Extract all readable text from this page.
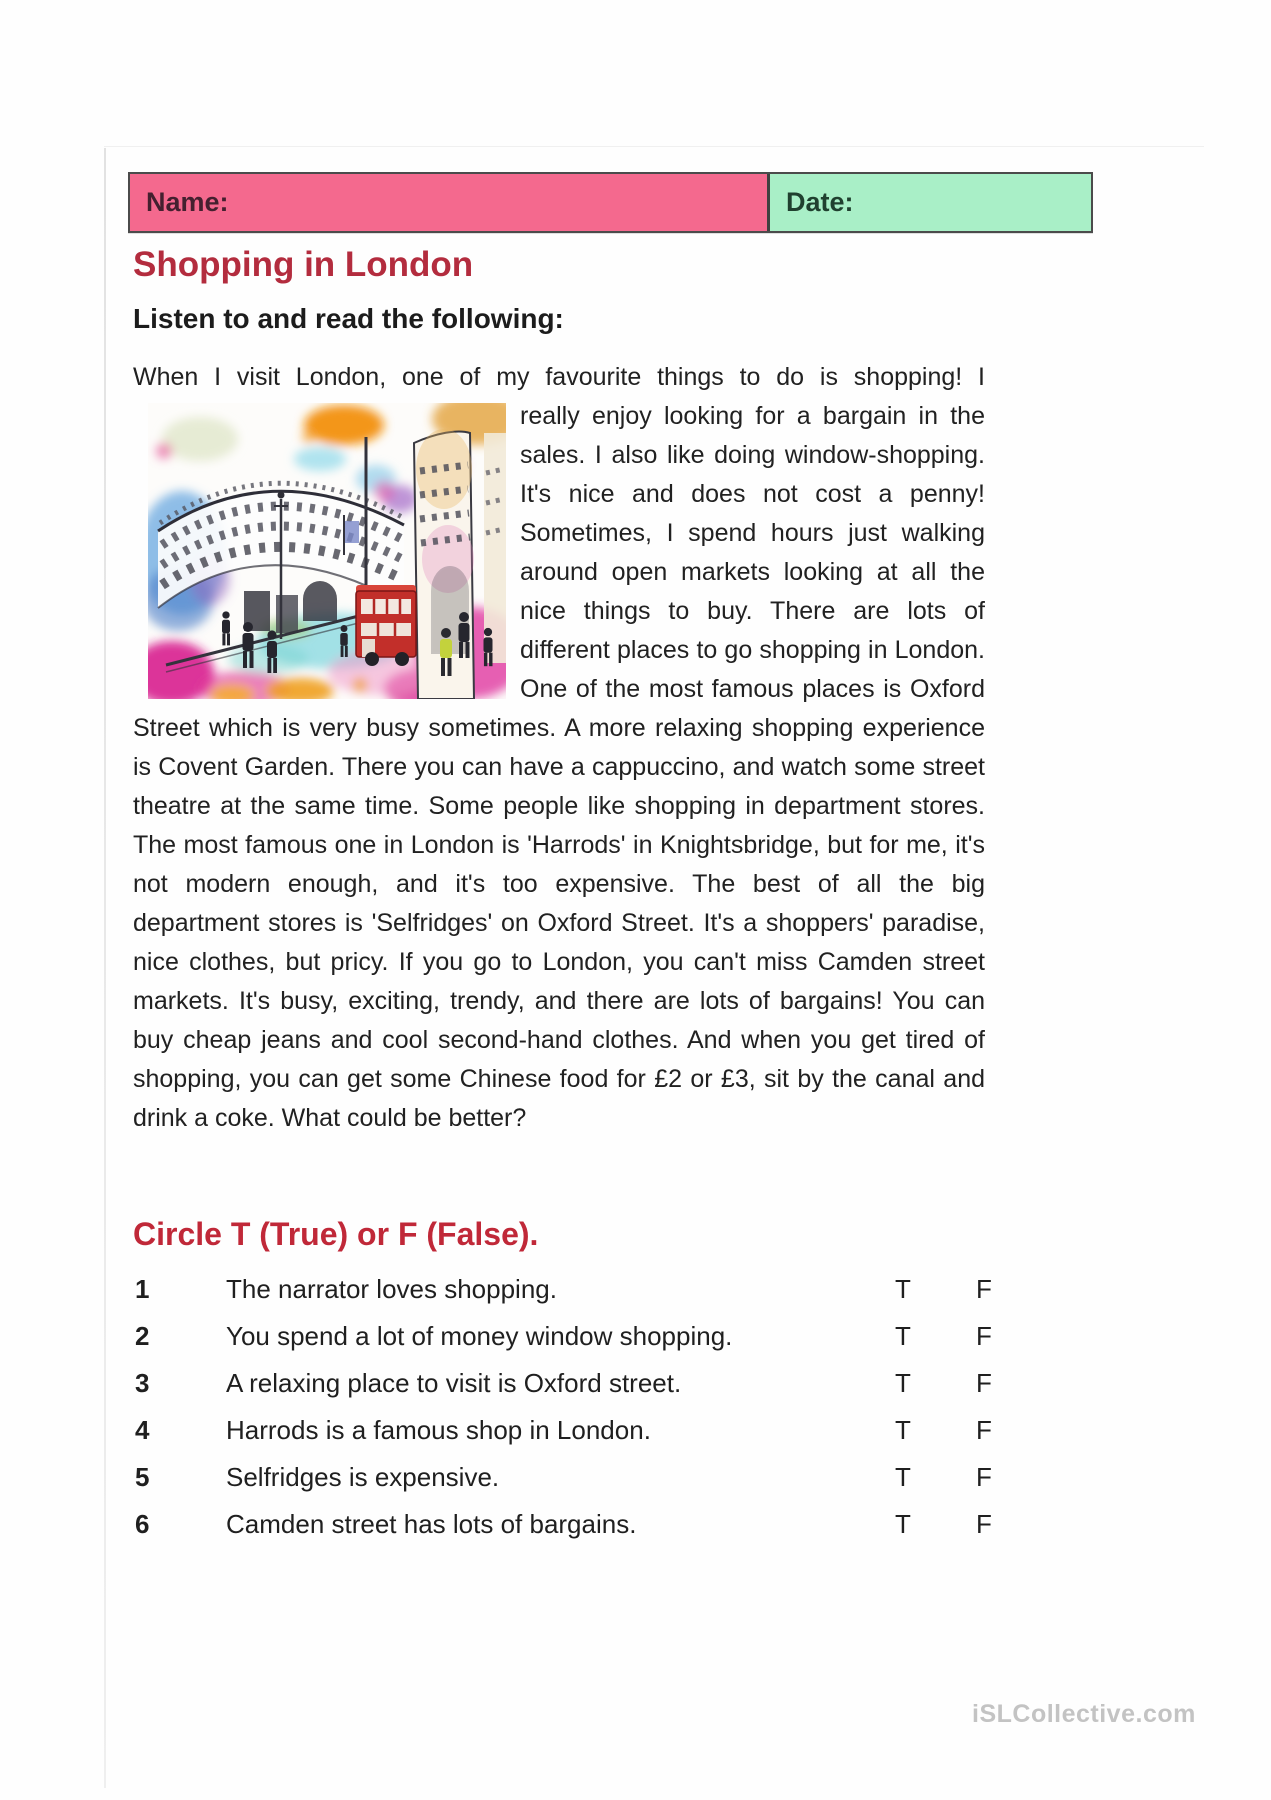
Name:	Date:
Shopping in London
Listen to and read the following:
When I visit London, one of my favourite things to do is shopping! I
really enjoy looking for a bargain in the sales. I also like doing window-shopping. It's nice and does not cost a penny! Sometimes, I spend hours just walking around open markets looking at all the nice things to buy. There are lots of different places to go shopping in London. One of the most famous places is Oxford Street which is very busy sometimes. A more relaxing shopping experience is Covent Garden. There you can have a cappuccino, and watch some street theatre at the same time. Some people like shopping in department stores. The most famous one in London is 'Harrods' in Knightsbridge, but for me, it's not modern enough, and it's too expensive. The best of all the big department stores is 'Selfridges' on Oxford Street. It's a shoppers' paradise, nice clothes, but pricy. If you go to London, you can't miss Camden street markets. It's busy, exciting, trendy, and there are lots of bargains! You can buy cheap jeans and cool second-hand clothes. And when you get tired of shopping, you can get some Chinese food for £2 or £3, sit by the canal and drink a coke. What could be better?
Circle T (True) or F (False).
1	The narrator loves shopping.	T	F
2	You spend a lot of money window shopping.	T	F
3	A relaxing place to visit is Oxford street.	T	F
4	Harrods is a famous shop in London.	T	F
5	Selfridges is expensive.	T	F
6	Camden street has lots of bargains.	T	F
iSLCollective.com
